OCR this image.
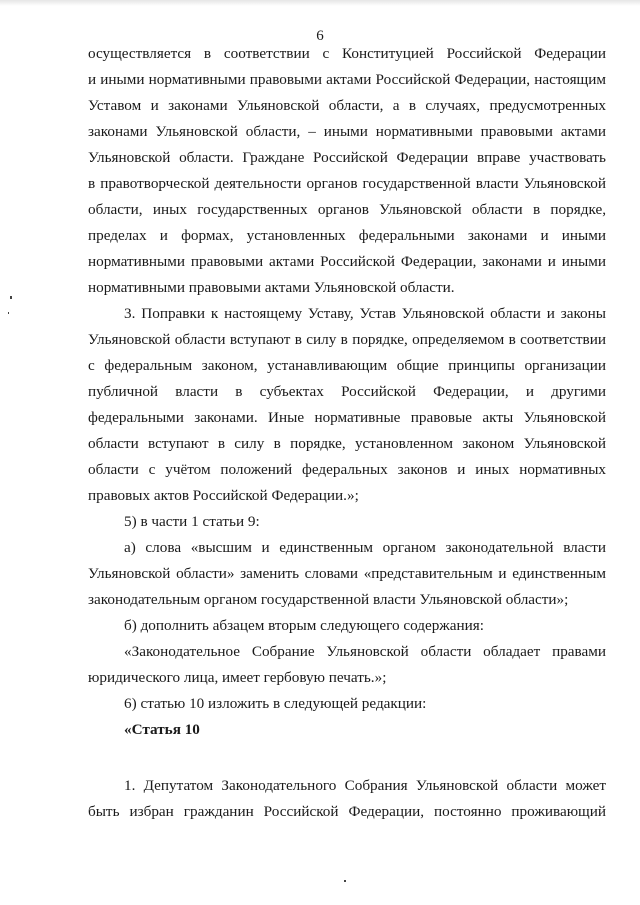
6
осуществляется в соответствии с Конституцией Российской Федерации
и иными нормативными правовыми актами Российской Федерации, настоящим
Уставом и законами Ульяновской области, а в случаях, предусмотренных
законами Ульяновской области, – иными нормативными правовыми актами
Ульяновской области. Граждане Российской Федерации вправе участвовать
в правотворческой деятельности органов государственной власти Ульяновской
области, иных государственных органов Ульяновской области в порядке,
пределах и формах, установленных федеральными законами и иными
нормативными правовыми актами Российской Федерации, законами и иными
нормативными правовыми актами Ульяновской области.
3. Поправки к настоящему Уставу, Устав Ульяновской области и законы
Ульяновской области вступают в силу в порядке, определяемом в соответствии
с федеральным законом, устанавливающим общие принципы организации
публичной власти в субъектах Российской Федерации, и другими
федеральными законами. Иные нормативные правовые акты Ульяновской
области вступают в силу в порядке, установленном законом Ульяновской
области с учётом положений федеральных законов и иных нормативных
правовых актов Российской Федерации.»;
5) в части 1 статьи 9:
а) слова «высшим и единственным органом законодательной власти
Ульяновской области» заменить словами «представительным и единственным
законодательным органом государственной власти Ульяновской области»;
б) дополнить абзацем вторым следующего содержания:
«Законодательное Собрание Ульяновской области обладает правами
юридического лица, имеет гербовую печать.»;
6) статью 10 изложить в следующей редакции:
«Статья 10
1. Депутатом Законодательного Собрания Ульяновской области может
быть избран гражданин Российской Федерации, постоянно проживающий
